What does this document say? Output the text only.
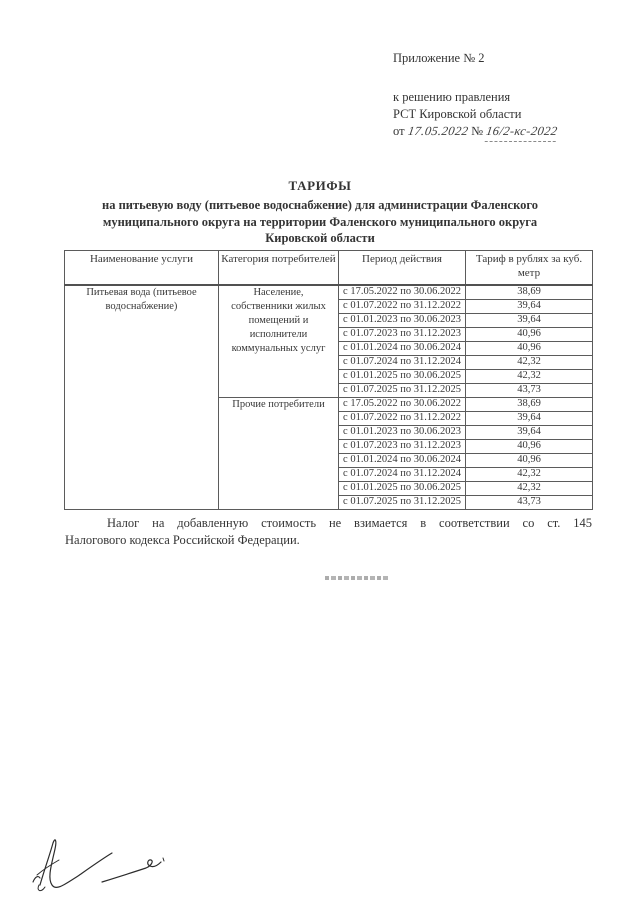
Приложение № 2
к решению правления
РСТ Кировской области
от 17.05.2022 № 16/2-кс-2022

ТАРИФЫ

на питьевую воду (питьевое водоснабжение) для администрации Фаленского муниципального округа на территории Фаленского муниципального округа Кировской области

Наименование услуги	Категория потребителей	Период действия	Тариф в рублях за куб. метр
Питьевая вода (питьевое водоснабжение)	Население, собственники жилых помещений и исполнители коммунальных услуг	с 17.05.2022 по 30.06.2022	38,69
		с 01.07.2022 по 31.12.2022	39,64
		с 01.01.2023 по 30.06.2023	39,64
		с 01.07.2023 по 31.12.2023	40,96
		с 01.01.2024 по 30.06.2024	40,96
		с 01.07.2024 по 31.12.2024	42,32
		с 01.01.2025 по 30.06.2025	42,32
		с 01.07.2025 по 31.12.2025	43,73
	Прочие потребители	с 17.05.2022 по 30.06.2022	38,69
		с 01.07.2022 по 31.12.2022	39,64
		с 01.01.2023 по 30.06.2023	39,64
		с 01.07.2023 по 31.12.2023	40,96
		с 01.01.2024 по 30.06.2024	40,96
		с 01.07.2024 по 31.12.2024	42,32
		с 01.01.2025 по 30.06.2025	42,32
		с 01.07.2025 по 31.12.2025	43,73
Налог на добавленную стоимость не взимается в соответствии со ст. 145
Налогового кодекса Российской Федерации.
